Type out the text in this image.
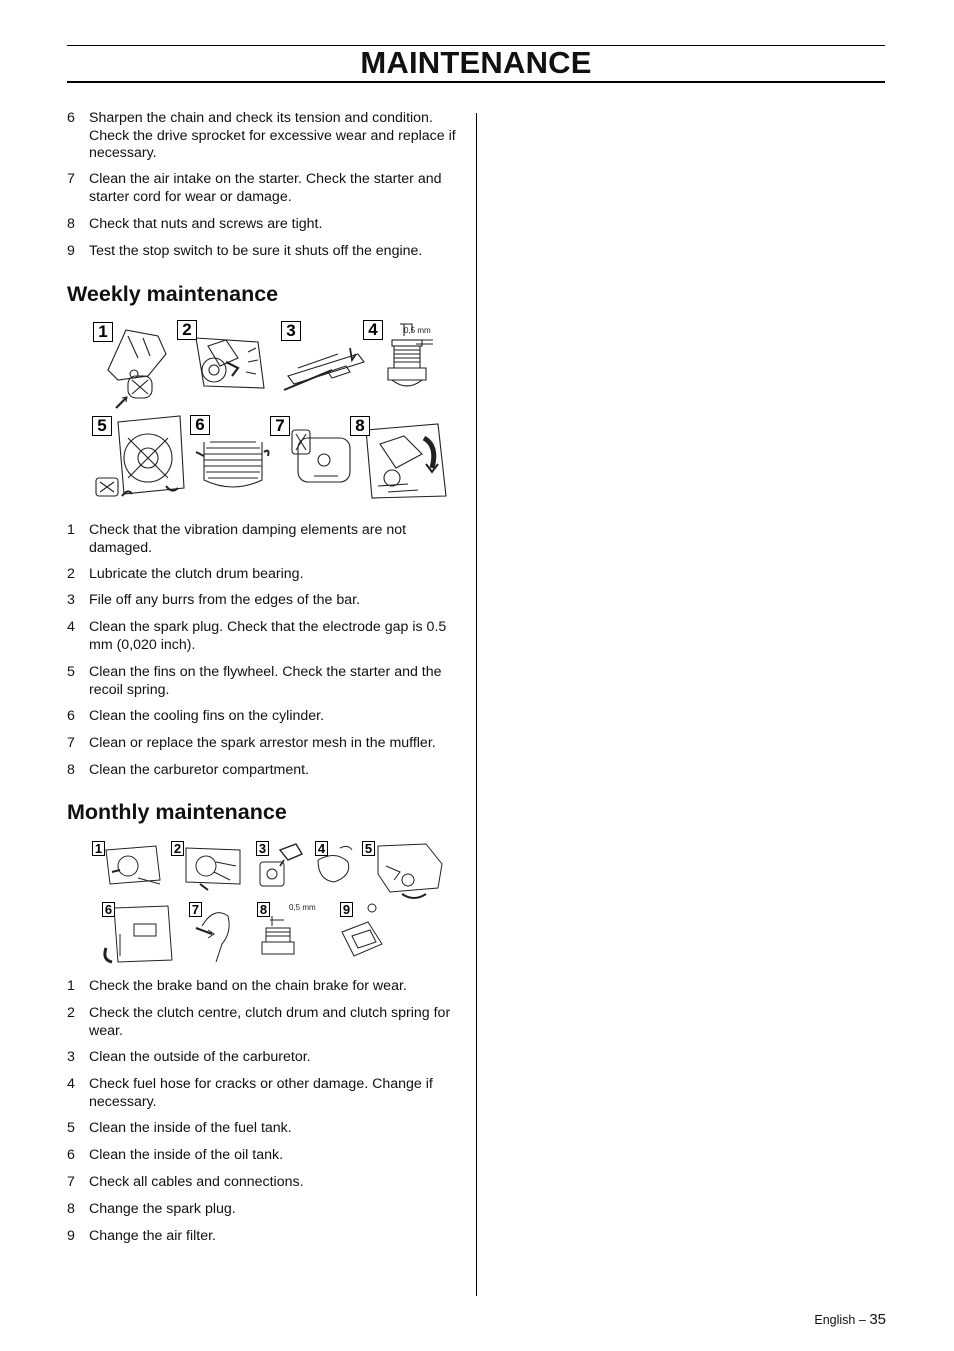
MAINTENANCE
6 Sharpen the chain and check its tension and condition. Check the drive sprocket for excessive wear and replace if necessary.
7 Clean the air intake on the starter. Check the starter and starter cord for wear or damage.
8 Check that nuts and screws are tight.
9 Test the stop switch to be sure it shuts off the engine.
Weekly maintenance
1	2	3	4	0,5 mm
5	6	7	8
1 Check that the vibration damping elements are not damaged.
2 Lubricate the clutch drum bearing.
3 File off any burrs from the edges of the bar.
4 Clean the spark plug. Check that the electrode gap is 0.5 mm (0,020 inch).
5 Clean the fins on the flywheel. Check the starter and the recoil spring.
6 Clean the cooling fins on the cylinder.
7 Clean or replace the spark arrestor mesh in the muffler.
8 Clean the carburetor compartment.
Monthly maintenance
1	2	3	4	5
6	7	8	0,5 mm 9
1 Check the brake band on the chain brake for wear.
2 Check the clutch centre, clutch drum and clutch spring for wear.
3 Clean the outside of the carburetor.
4 Check fuel hose for cracks or other damage. Change if necessary.
5 Clean the inside of the fuel tank.
6 Clean the inside of the oil tank.
7 Check all cables and connections.
8 Change the spark plug.
9 Change the air filter.
English – 35
